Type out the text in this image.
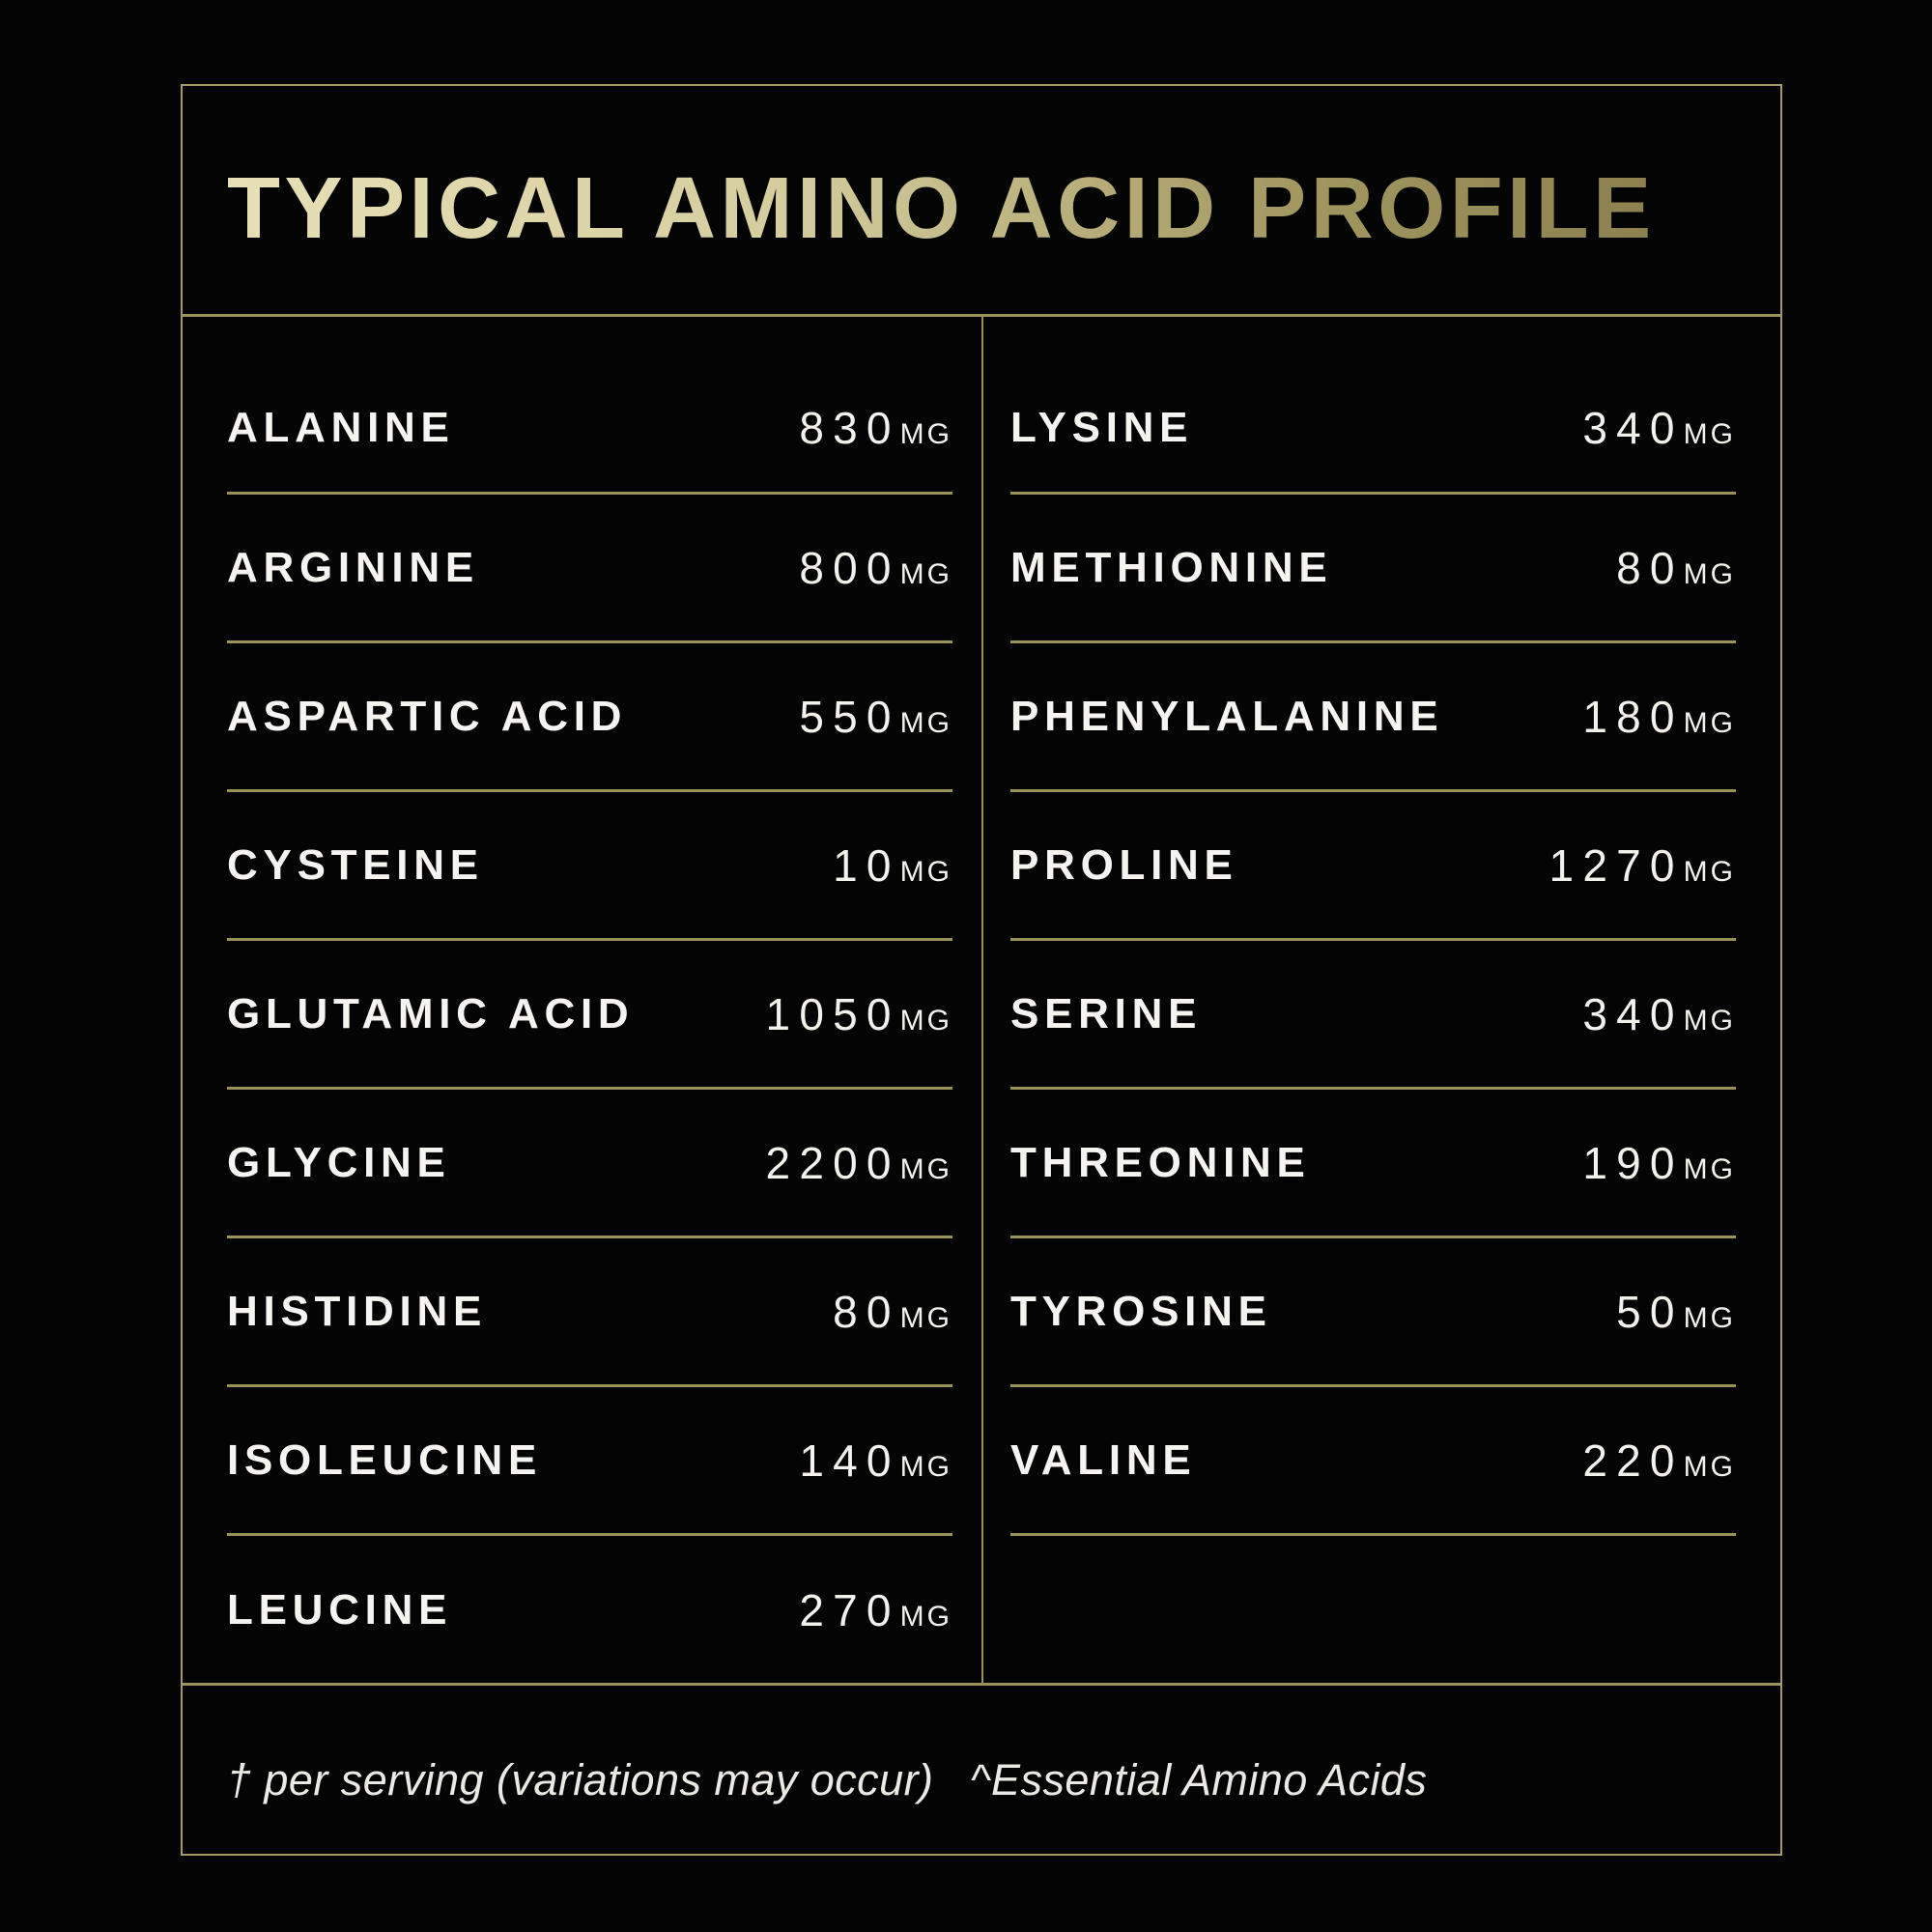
TYPICAL AMINO ACID PROFILE†
ALANINE	830MG
ARGININE	800MG
ASPARTIC ACID	550MG
CYSTEINE	10MG
GLUTAMIC ACID	1050MG
GLYCINE	2200MG
HISTIDINE	80MG
ISOLEUCINE	140MG
LEUCINE	270MG
LYSINE	340MG
METHIONINE	80MG
PHENYLALANINE	180MG
PROLINE	1270MG
SERINE	340MG
THREONINE	190MG
TYROSINE	50MG
VALINE	220MG
† per serving (variations may occur) ^Essential Amino Acids
